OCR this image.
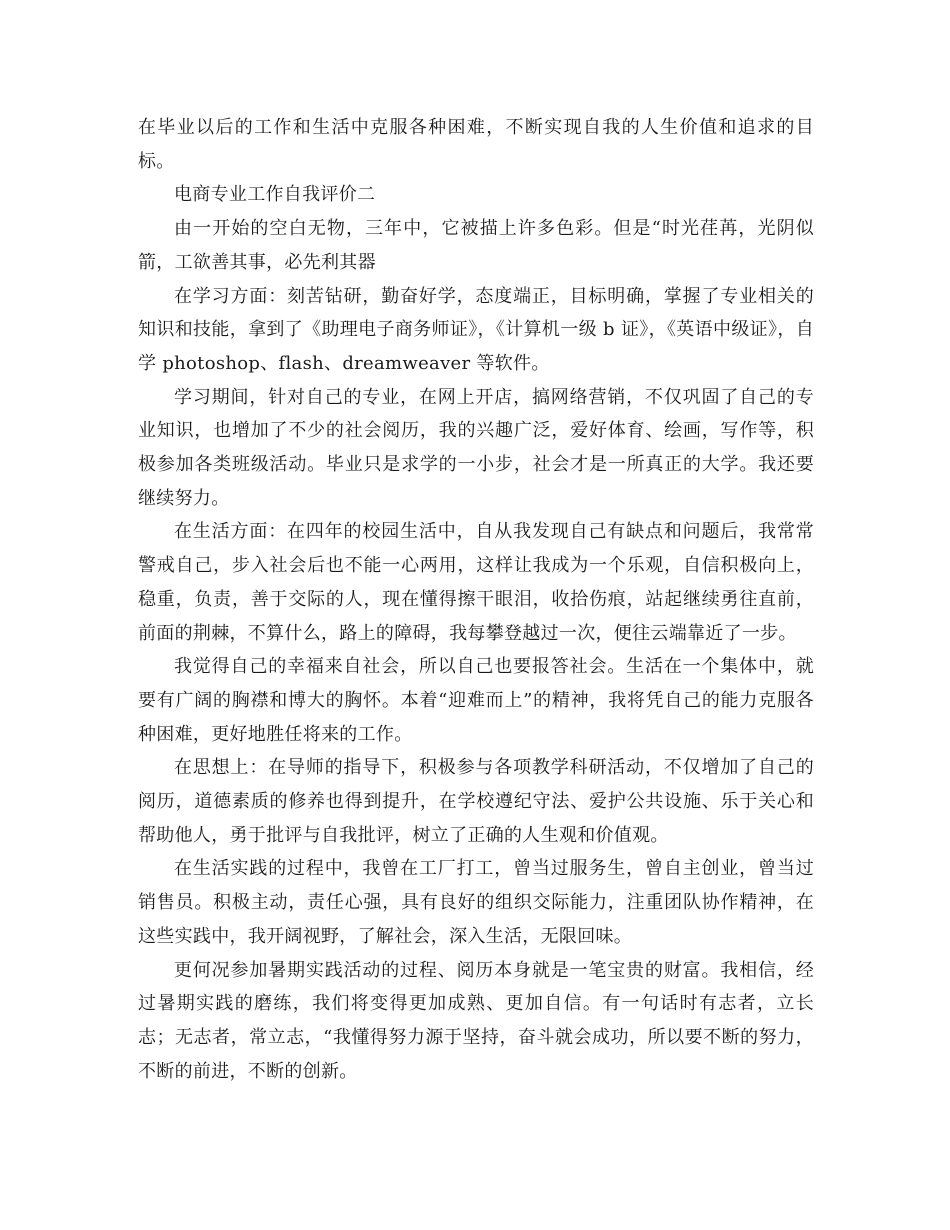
在毕业以后的工作和生活中克服各种困难，不断实现自我的人生价值和追求的目标。

电商专业工作自我评价二

由一开始的空白无物，三年中，它被描上许多色彩。但是“时光荏苒，光阴似箭，工欲善其事，必先利其器

在学习方面：刻苦钻研，勤奋好学，态度端正，目标明确，掌握了专业相关的知识和技能，拿到了《助理电子商务师证》，《计算机一级 b 证》，《英语中级证》，自学 photoshop、flash、dreamweaver 等软件。

学习期间，针对自己的专业，在网上开店，搞网络营销，不仅巩固了自己的专业知识，也增加了不少的社会阅历，我的兴趣广泛，爱好体育、绘画，写作等，积极参加各类班级活动。毕业只是求学的一小步，社会才是一所真正的大学。我还要继续努力。

在生活方面：在四年的校园生活中，自从我发现自己有缺点和问题后，我常常警戒自己，步入社会后也不能一心两用，这样让我成为一个乐观，自信积极向上，稳重，负责，善于交际的人，现在懂得擦干眼泪，收拾伤痕，站起继续勇往直前，前面的荆棘，不算什么，路上的障碍，我每攀登越过一次，便往云端靠近了一步。

我觉得自己的幸福来自社会，所以自己也要报答社会。生活在一个集体中，就要有广阔的胸襟和博大的胸怀。本着“迎难而上”的精神，我将凭自己的能力克服各种困难，更好地胜任将来的工作。

在思想上：在导师的指导下，积极参与各项教学科研活动，不仅增加了自己的阅历，道德素质的修养也得到提升，在学校遵纪守法、爱护公共设施、乐于关心和帮助他人，勇于批评与自我批评，树立了正确的人生观和价值观。

在生活实践的过程中，我曾在工厂打工，曾当过服务生，曾自主创业，曾当过销售员。积极主动，责任心强，具有良好的组织交际能力，注重团队协作精神，在这些实践中，我开阔视野，了解社会，深入生活，无限回味。

更何况参加暑期实践活动的过程、阅历本身就是一笔宝贵的财富。我相信，经过暑期实践的磨练，我们将变得更加成熟、更加自信。有一句话时有志者，立长志；无志者，常立志，“我懂得努力源于坚持，奋斗就会成功，所以要不断的努力，不断的前进，不断的创新。
